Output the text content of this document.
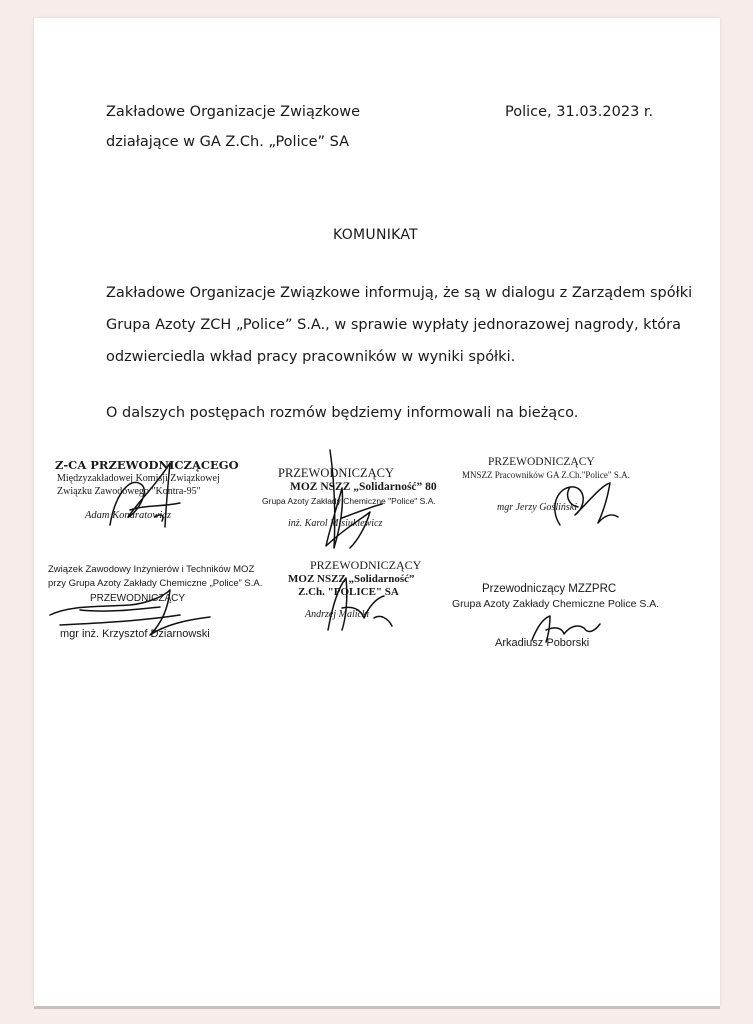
Zakładowe Organizacje Związkowe
działające w GA Z.Ch. „Police” SA
Police, 31.03.2023 r.
KOMUNIKAT
Zakładowe Organizacje Związkowe informują, że są w dialogu z Zarządem spółki
Grupa Azoty ZCH „Police” S.A., w sprawie wypłaty jednorazowej nagrody, która
odzwierciedla wkład pracy pracowników w wyniki spółki.
O dalszych postępach rozmów będziemy informowali na bieżąco.
Z-CA PRZEWODNICZĄCEGO
Międzyzakładowej Komisji Związkowej
Związku Zawodowego "Kontra-95"
Adam Kondratowicz
PRZEWODNICZĄCY
MOZ NSZZ „Solidarność” 80
Grupa Azoty Zakłady Chemiczne "Police" S.A.
inż. Karol Misiukiewicz
PRZEWODNICZĄCY
MNSZZ Pracowników GA Z.Ch."Police" S.A.
mgr Jerzy Gośliński
Związek Zawodowy Inżynierów i Techników MOZ
przy Grupa Azoty Zakłady Chemiczne „Police” S.A.
PRZEWODNICZĄCY
mgr inż. Krzysztof Dziarnowski
PRZEWODNICZĄCY
MOZ NSZZ „Solidarność”
Z.Ch. "POLICE" SA
Andrzej Malicki
Przewodniczący MZZPRC
Grupa Azoty Zakłady Chemiczne Police S.A.
Arkadiusz Poborski
